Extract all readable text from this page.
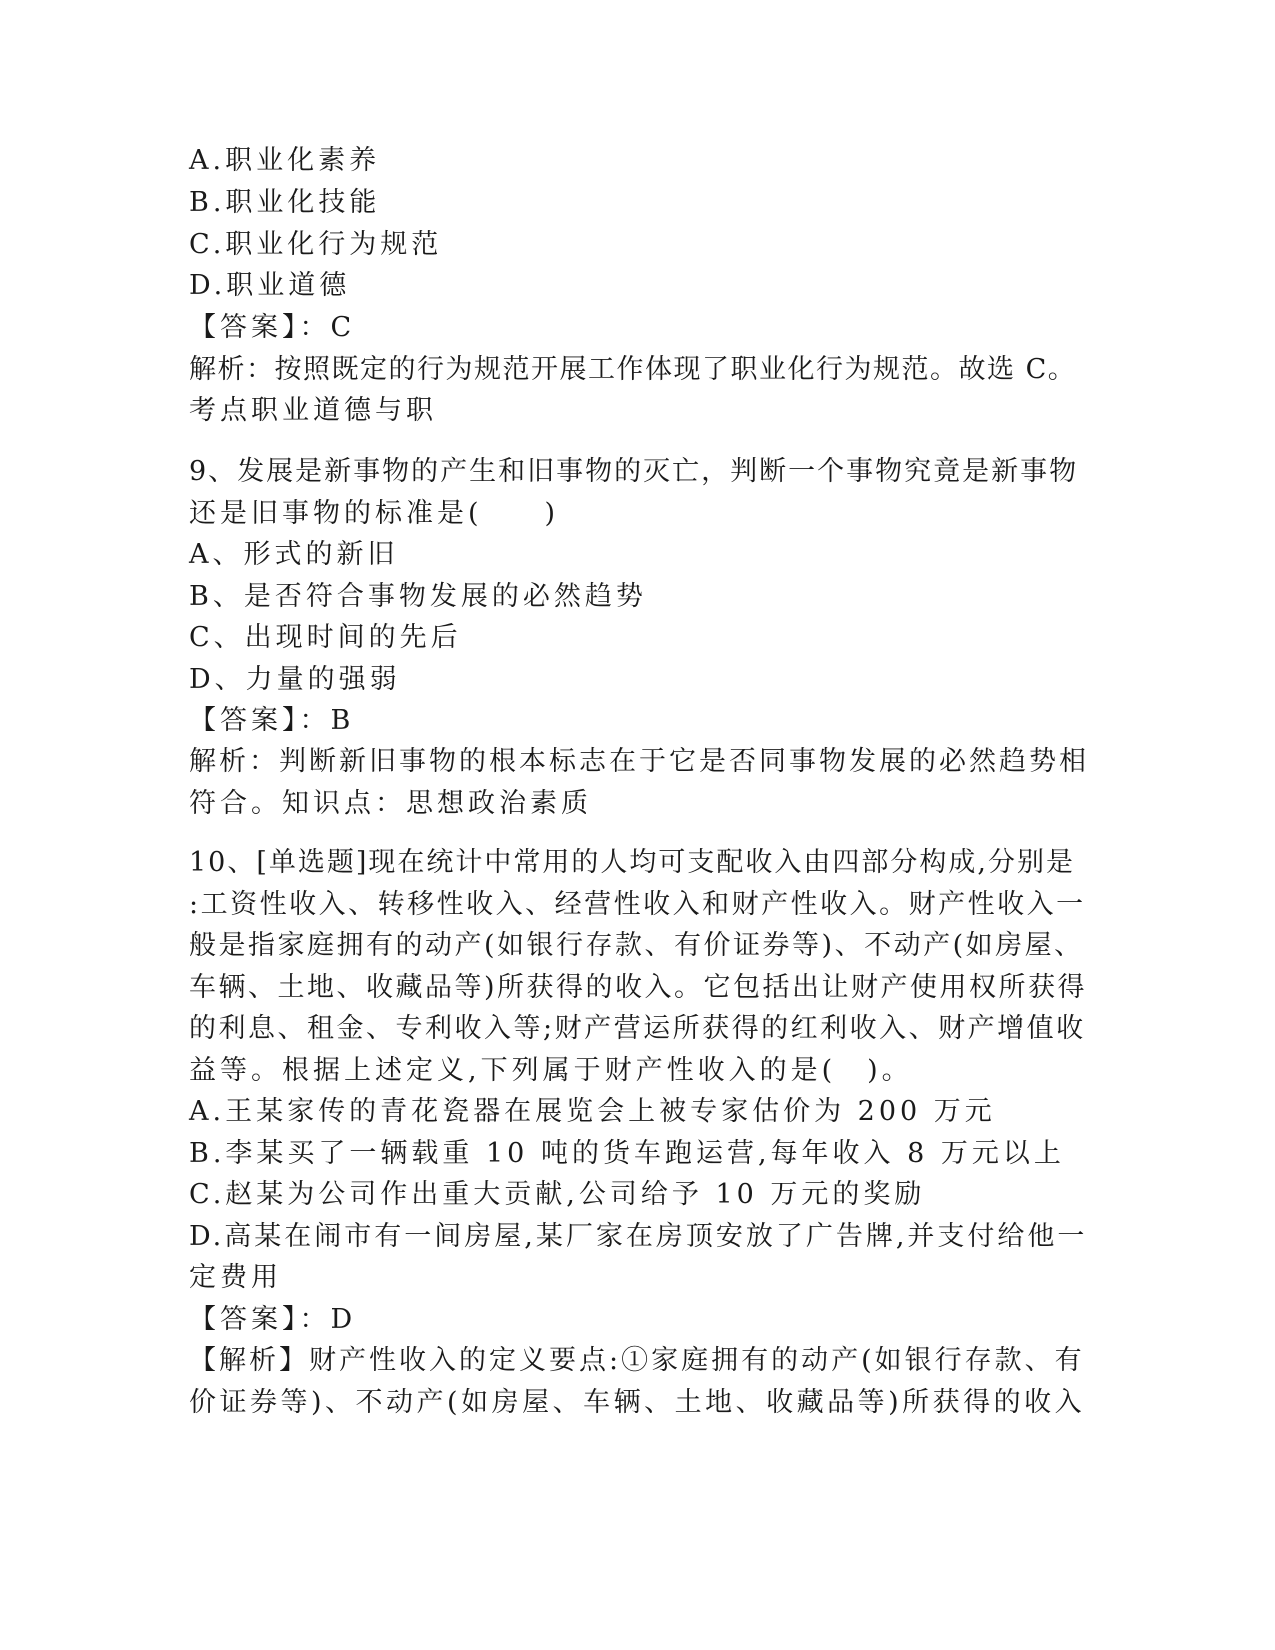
A.职业化素养
B.职业化技能
C.职业化行为规范
D.职业道德
【答案】：C
解析：按照既定的行为规范开展工作体现了职业化行为规范。故选 C。
考点职业道德与职
9、发展是新事物的产生和旧事物的灭亡，判断一个事物究竟是新事物
还是旧事物的标准是(　　)
A、形式的新旧
B、是否符合事物发展的必然趋势
C、出现时间的先后
D、力量的强弱
【答案】：B
解析：判断新旧事物的根本标志在于它是否同事物发展的必然趋势相
符合。知识点：思想政治素质
10、[单选题]现在统计中常用的人均可支配收入由四部分构成,分别是
:工资性收入、转移性收入、经营性收入和财产性收入。财产性收入一
般是指家庭拥有的动产(如银行存款、有价证券等)、不动产(如房屋、
车辆、土地、收藏品等)所获得的收入。它包括出让财产使用权所获得
的利息、租金、专利收入等;财产营运所获得的红利收入、财产增值收
益等。根据上述定义,下列属于财产性收入的是(　)。
A.王某家传的青花瓷器在展览会上被专家估价为 200 万元
B.李某买了一辆载重 10 吨的货车跑运营,每年收入 8 万元以上
C.赵某为公司作出重大贡献,公司给予 10 万元的奖励
D.高某在闹市有一间房屋,某厂家在房顶安放了广告牌,并支付给他一
定费用
【答案】：D
【解析】财产性收入的定义要点:①家庭拥有的动产(如银行存款、有
价证券等)、不动产(如房屋、车辆、土地、收藏品等)所获得的收入
